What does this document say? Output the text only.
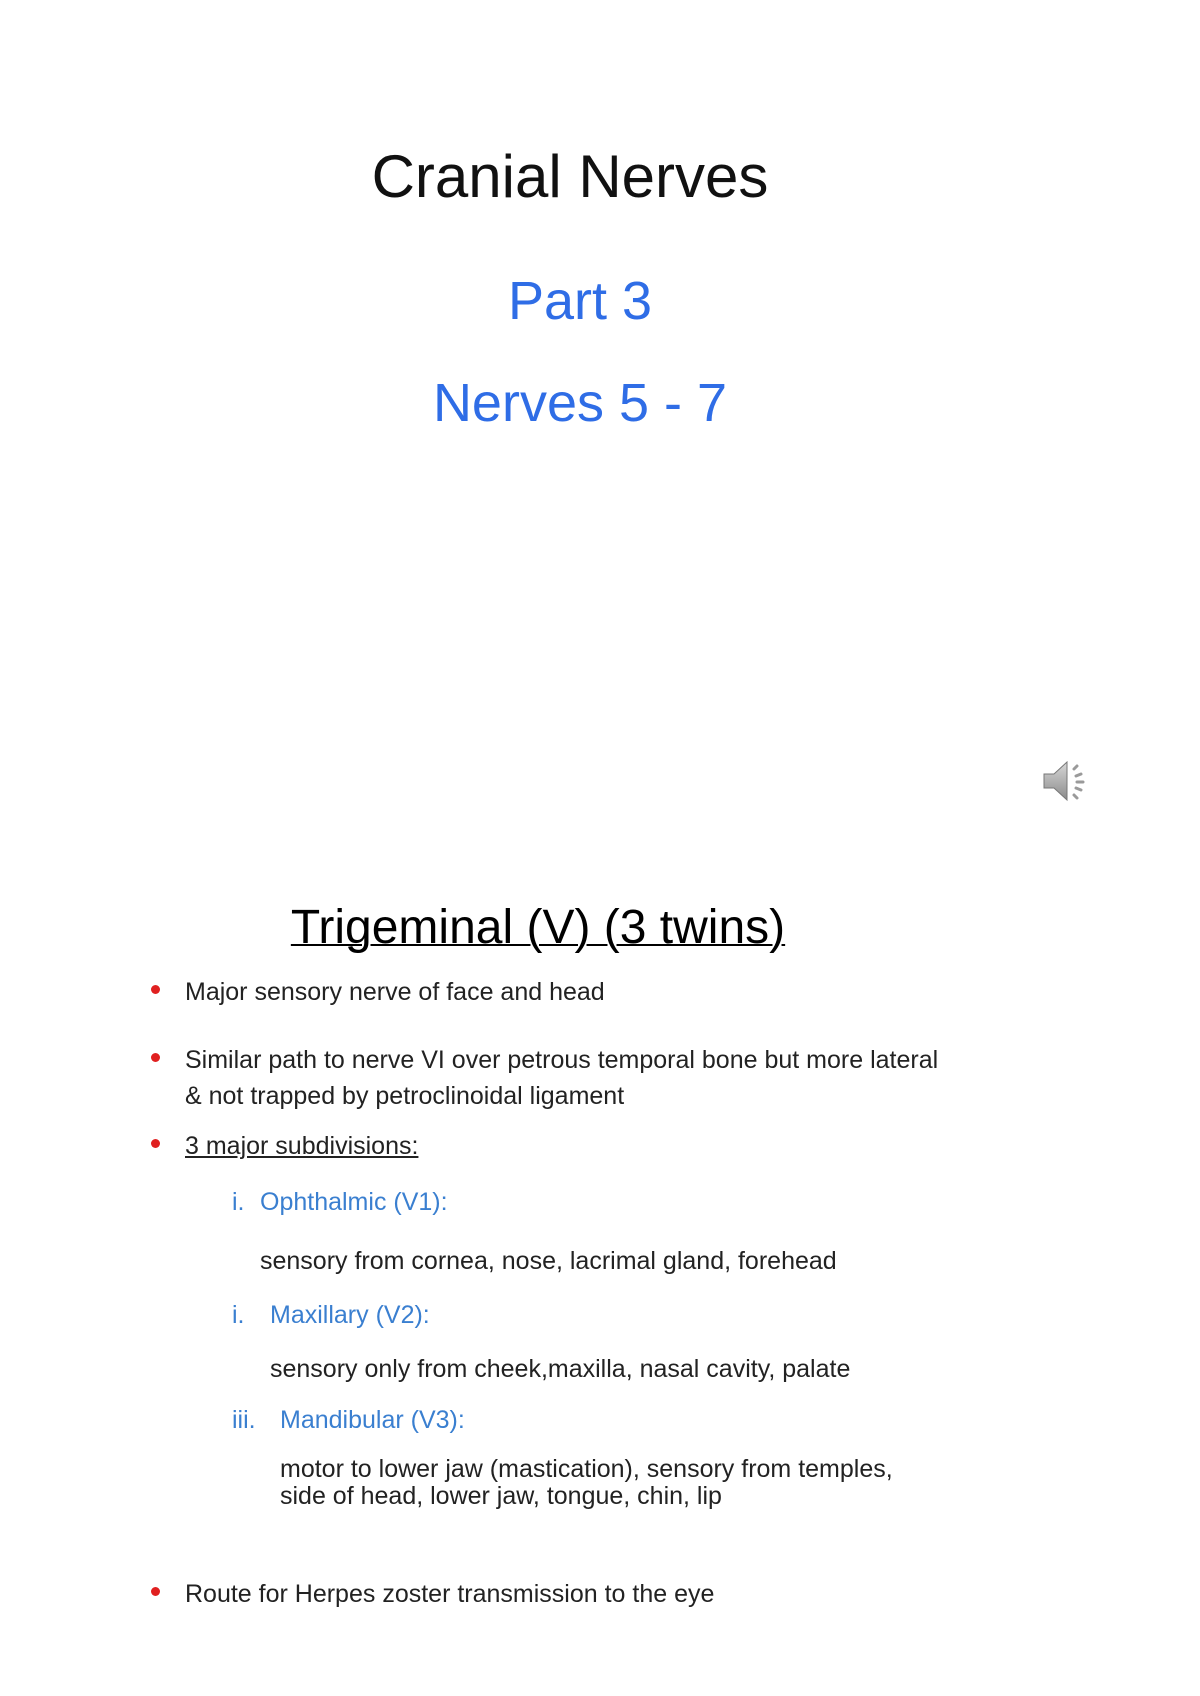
Cranial Nerves
Part 3
Nerves 5 - 7
Trigeminal (V) (3 twins)
Major sensory nerve of face and head
Similar path to nerve VI over petrous temporal bone but more lateral
& not trapped by petroclinoidal ligament
3 major subdivisions:
i. Ophthalmic (V1):
sensory from cornea, nose, lacrimal gland, forehead
i. Maxillary (V2):
sensory only from cheek,maxilla, nasal cavity, palate
iii. Mandibular (V3):
motor to lower jaw (mastication), sensory from temples,
side of head, lower jaw, tongue, chin, lip
Route for Herpes zoster transmission to the eye
